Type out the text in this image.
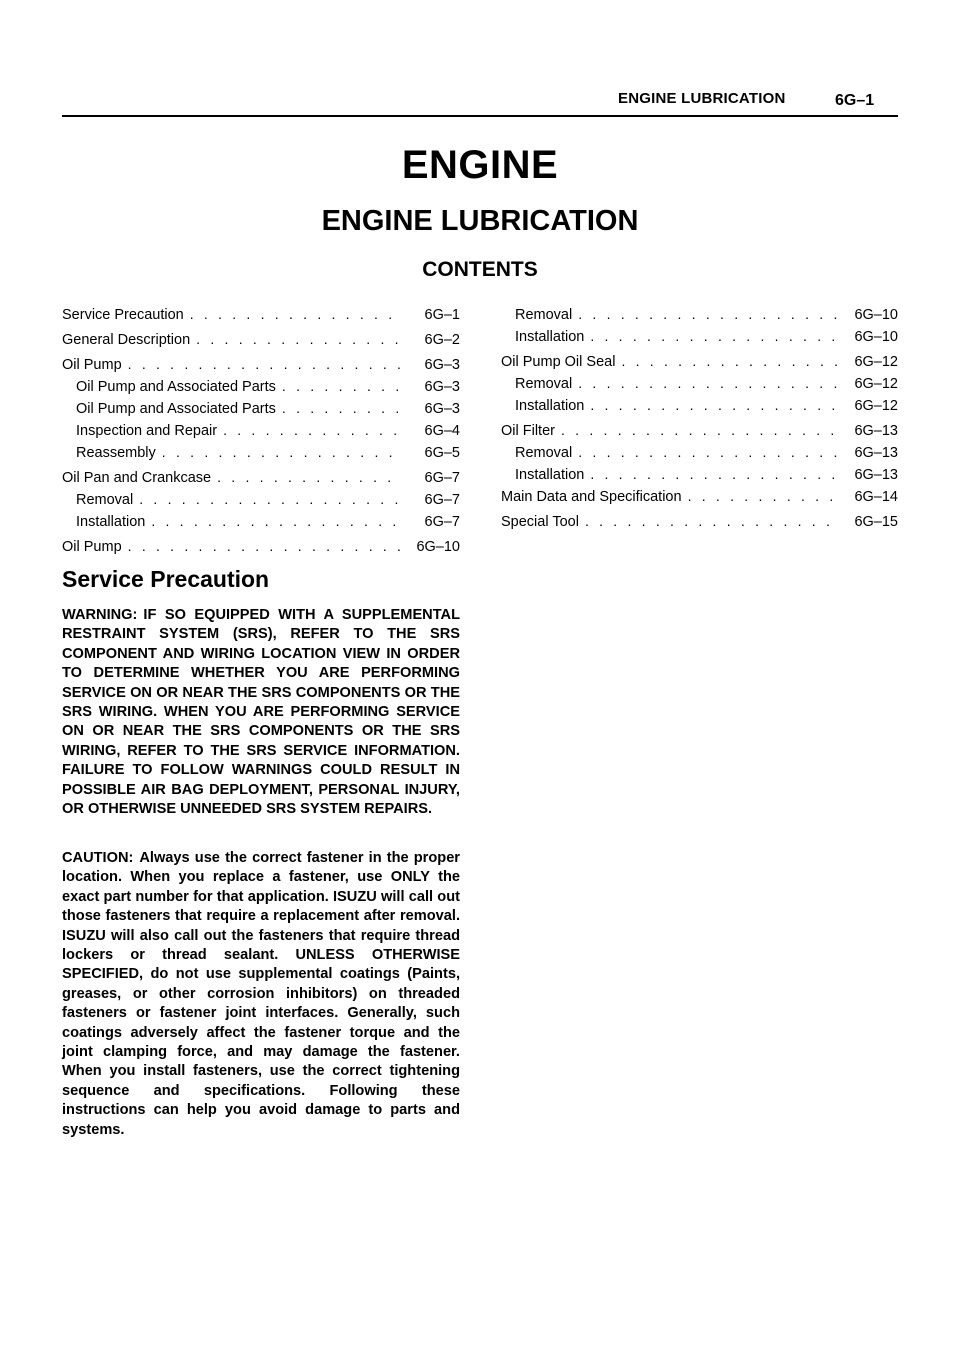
ENGINE LUBRICATION	6G–1
ENGINE
ENGINE LUBRICATION
CONTENTS
Service Precaution . . .	6G–1
General Description . . .	6G–2
Oil Pump . . .	6G–3
Oil Pump and Associated Parts . . .	6G–3
Oil Pump and Associated Parts . . .	6G–3
Inspection and Repair . . .	6G–4
Reassembly . . .	6G–5
Oil Pan and Crankcase . . .	6G–7
Removal . . .	6G–7
Installation . . .	6G–7
Oil Pump . . .	6G–10
Removal . . .	6G–10
Installation . . .	6G–10
Oil Pump Oil Seal . . .	6G–12
Removal . . .	6G–12
Installation . . .	6G–12
Oil Filter . . .	6G–13
Removal . . .	6G–13
Installation . . .	6G–13
Main Data and Specification . . .	6G–14
Special Tool . . .	6G–15
Service Precaution
WARNING: IF SO EQUIPPED WITH A SUPPLEMENTAL RESTRAINT SYSTEM (SRS), REFER TO THE SRS COMPONENT AND WIRING LOCATION VIEW IN ORDER TO DETERMINE WHETHER YOU ARE PERFORMING SERVICE ON OR NEAR THE SRS COMPONENTS OR THE SRS WIRING. WHEN YOU ARE PERFORMING SERVICE ON OR NEAR THE SRS COMPONENTS OR THE SRS WIRING, REFER TO THE SRS SERVICE INFORMATION. FAILURE TO FOLLOW WARNINGS COULD RESULT IN POSSIBLE AIR BAG DEPLOYMENT, PERSONAL INJURY, OR OTHERWISE UNNEEDED SRS SYSTEM REPAIRS.
CAUTION: Always use the correct fastener in the proper location. When you replace a fastener, use ONLY the exact part number for that application. ISUZU will call out those fasteners that require a replacement after removal. ISUZU will also call out the fasteners that require thread lockers or thread sealant. UNLESS OTHERWISE SPECIFIED, do not use supplemental coatings (Paints, greases, or other corrosion inhibitors) on threaded fasteners or fastener joint interfaces. Generally, such coatings adversely affect the fastener torque and the joint clamping force, and may damage the fastener. When you install fasteners, use the correct tightening sequence and specifications. Following these instructions can help you avoid damage to parts and systems.
